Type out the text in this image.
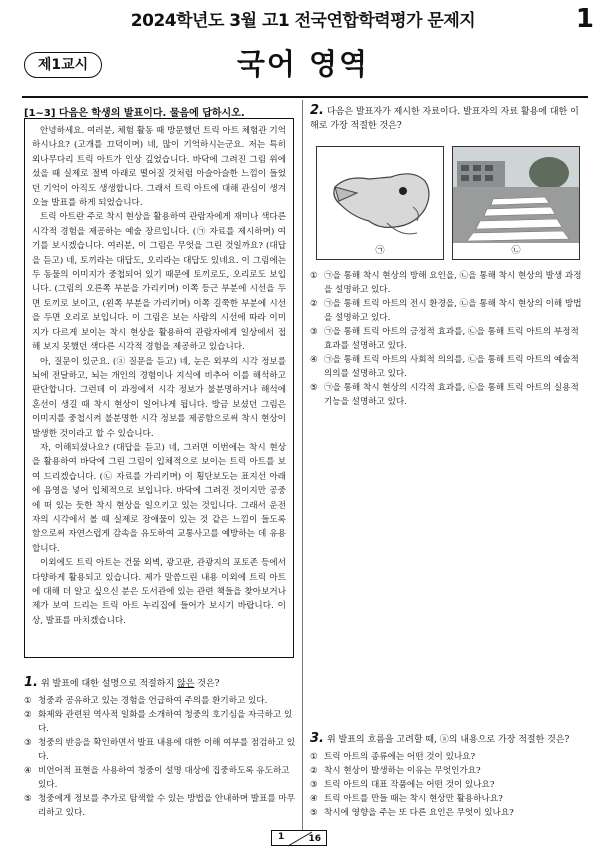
2024학년도 3월 고1 전국연합학력평가 문제지	1
제1교시	국어 영역
[1~3] 다음은 학생의 발표이다. 물음에 답하시오.

안녕하세요. 여러분, 체험 활동 때 방문했던 트릭 아트 체험관 기억하시나요? (고개를 끄덕이며) 네, 많이 기억하시는군요. 저는 특히 외나무다리 트릭 아트가 인상 깊었습니다. 바닥에 그려진 그림 위에 섰을 때 실제로 절벽 아래로 떨어질 것처럼 아슬아슬한 느낌이 들었던 기억이 아직도 생생합니다. 그래서 트릭 아트에 대해 관심이 생겨 오늘 발표를 하게 되었습니다.

트릭 아트란 주로 착시 현상을 활용하여 관람자에게 재미나 색다른 시각적 경험을 제공하는 예술 장르입니다. (㉠ 자료를 제시하며) 여기를 보시겠습니다. 여러분, 이 그림은 무엇을 그린 것일까요? (대답을 듣고) 네, 토끼라는 대답도, 오리라는 대답도 있네요. 이 그림에는 두 동물의 이미지가 중첩되어 있기 때문에 토끼로도, 오리로도 보입니다. (그림의 오른쪽 부분을 가리키며) 이쪽 등근 부분에 시선을 두면 토끼로 보이고, (왼쪽 부분을 가리키며) 이쪽 길쭉한 부분에 시선을 두면 오리로 보입니다. 이 그림은 보는 사람의 시선에 따라 이미지가 다르게 보이는 착시 현상을 활용하여 관람자에게 일상에서 접해 보지 못했던 색다른 시각적 경험을 제공하고 있습니다.

아, 질문이 있군요. (ⓐ 질문을 듣고) 네, 눈은 외부의 시각 정보를 뇌에 전달하고, 뇌는 개인의 경험이나 지식에 비추어 이를 해석하고 판단합니다. 그런데 이 과정에서 시각 정보가 불분명하거나 해석에 혼선이 생길 때 착시 현상이 일어나게 됩니다. 방금 보셨던 그림은 이미지를 중첩시켜 불분명한 시각 정보를 제공함으로써 착시 현상이 발생한 것이라고 할 수 있습니다.

자, 이해되셨나요? (대답을 듣고) 네, 그러면 이번에는 착시 현상을 활용하여 바닥에 그린 그림이 입체적으로 보이는 트릭 아트를 보여 드리겠습니다. (㉡ 자료를 가리키며) 이 횡단보도는 표지선 아래에 음영을 넣어 입체적으로 보입니다. 바닥에 그려진 것이지만 공중에 떠 있는 듯한 착시 현상을 일으키고 있는 것입니다. 그래서 운전자의 시각에서 볼 때 실제로 장애물이 있는 것 같은 느낌이 들도록 함으로써 자연스럽게 감속을 유도하여 교통사고를 예방하는 데 유용합니다.

이외에도 트릭 아트는 건물 외벽, 광고판, 관광지의 포토존 등에서 다양하게 활용되고 있습니다. 제가 말씀드린 내용 이외에 트릭 아트에 대해 더 알고 싶으신 분은 도서관에 있는 관련 책들을 찾아보거나 제가 보여 드리는 트릭 아트 누리집에 들어가 보시기 바랍니다. 이상, 발표를 마치겠습니다.

1. 위 발표에 대한 설명으로 적절하지 않은 것은?
① 청중과 공유하고 있는 경험을 언급하여 주의를 환기하고 있다.
② 화제와 관련된 역사적 일화를 소개하여 청중의 호기심을 자극하고 있다.
③ 청중의 반응을 확인하면서 발표 내용에 대한 이해 여부를 점검하고 있다.
④ 비언어적 표현을 사용하여 청중이 설명 대상에 집중하도록 유도하고 있다.
⑤ 청중에게 정보를 추가로 탐색할 수 있는 방법을 안내하며 발표를 마무리하고 있다.
2. 다음은 발표자가 제시한 자료이다. 발표자의 자료 활용에 대한 이해로 가장 적절한 것은?
㉠	㉡
① ㉠을 통해 착시 현상의 방해 요인을, ㉡을 통해 착시 현상의 발생 과정을 설명하고 있다.
② ㉠을 통해 트릭 아트의 전시 환경을, ㉡을 통해 착시 현상의 이해 방법을 설명하고 있다.
③ ㉠을 통해 트릭 아트의 긍정적 효과를, ㉡을 통해 트릭 아트의 부정적 효과를 설명하고 있다.
④ ㉠을 통해 트릭 아트의 사회적 의의를, ㉡을 통해 트릭 아트의 예술적 의의를 설명하고 있다.
⑤ ㉠을 통해 착시 현상의 시각적 효과를, ㉡을 통해 트릭 아트의 실용적 기능을 설명하고 있다.
3. 위 발표의 흐름을 고려할 때, ⓐ의 내용으로 가장 적절한 것은?
① 트릭 아트의 종류에는 어떤 것이 있나요?
② 착시 현상이 발생하는 이유는 무엇인가요?
③ 트릭 아트의 대표 작품에는 어떤 것이 있나요?
④ 트릭 아트를 만들 때는 착시 현상만 활용하나요?
⑤ 착시에 영향을 주는 또 다른 요인은 무엇이 있나요?
1	16
